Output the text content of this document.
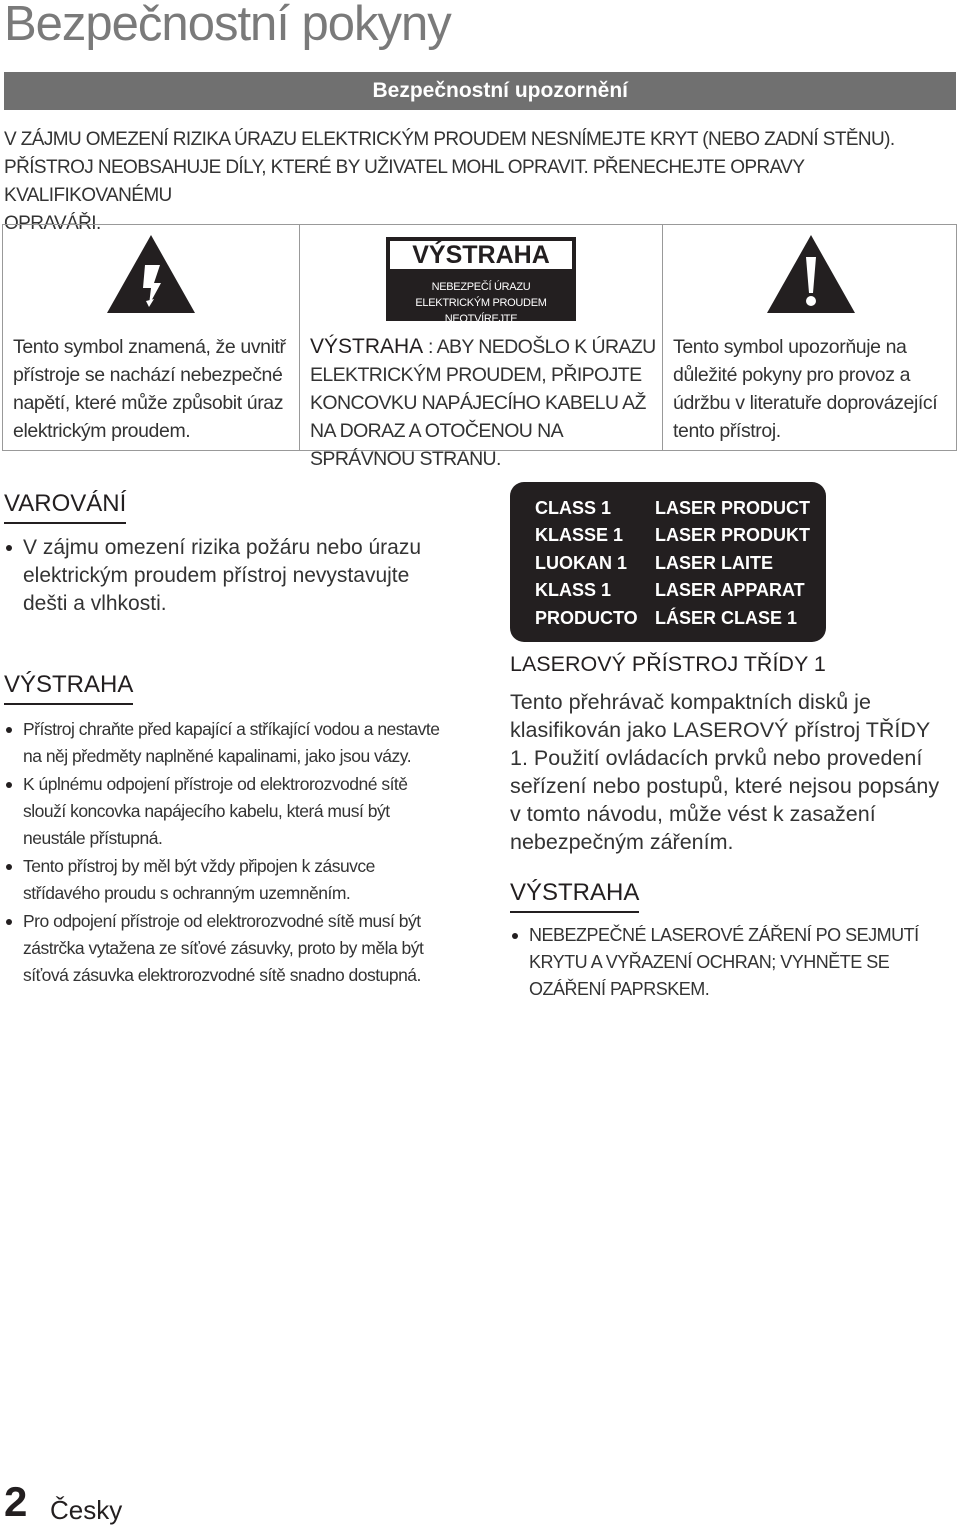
Bezpečnostní pokyny
Bezpečnostní upozornění
V ZÁJMU OMEZENÍ RIZIKA ÚRAZU ELEKTRICKÝM PROUDEM NESNÍMEJTE KRYT (NEBO ZADNÍ STĚNU).
PŘÍSTROJ NEOBSAHUJE DÍLY, KTERÉ BY UŽIVATEL MOHL OPRAVIT. PŘENECHEJTE OPRAVY KVALIFIKOVANÉMU
OPRAVÁŘI.
Tento symbol znamená, že uvnitř přístroje se nachází nebezpečné napětí, které může způsobit úraz elektrickým proudem.
VÝSTRAHA
NEBEZPEČÍ ÚRAZU
ELEKTRICKÝM PROUDEM
NEOTVÍREJTE
VÝSTRAHA : ABY NEDOŠLO K ÚRAZU ELEKTRICKÝM PROUDEM, PŘIPOJTE KONCOVKU NAPÁJECÍHO KABELU AŽ NA DORAZ A OTOČENOU NA SPRÁVNOU STRANU.
Tento symbol upozorňuje na důležité pokyny pro provoz a údržbu v literatuře doprovázející tento přístroj.
VAROVÁNÍ
V zájmu omezení rizika požáru nebo úrazu elektrickým proudem přístroj nevystavujte dešti a vlhkosti.
VÝSTRAHA
Přístroj chraňte před kapající a stříkající vodou a nestavte na něj předměty naplněné kapalinami, jako jsou vázy.
K úplnému odpojení přístroje od elektrorozvodné sítě slouží koncovka napájecího kabelu, která musí být neustále přístupná.
Tento přístroj by měl být vždy připojen k zásuvce střídavého proudu s ochranným uzemněním.
Pro odpojení přístroje od elektrorozvodné sítě musí být zástrčka vytažena ze síťové zásuvky, proto by měla být síťová zásuvka elektrorozvodné sítě snadno dostupná.
CLASS 1 LASER PRODUCT
KLASSE 1 LASER PRODUKT
LUOKAN 1 LASER LAITE
KLASS 1 LASER APPARAT
PRODUCTO LÁSER CLASE 1
LASEROVÝ PŘÍSTROJ TŘÍDY 1
Tento přehrávač kompaktních disků je klasifikován jako LASEROVÝ přístroj TŘÍDY 1. Použití ovládacích prvků nebo provedení seřízení nebo postupů, které nejsou popsány v tomto návodu, může vést k zasažení nebezpečným zářením.
VÝSTRAHA
NEBEZPEČNÉ LASEROVÉ ZÁŘENÍ PO SEJMUTÍ KRYTU A VYŘAZENÍ OCHRAN; VYHNĚTE SE OZÁŘENÍ PAPRSKEM.
2 Česky
